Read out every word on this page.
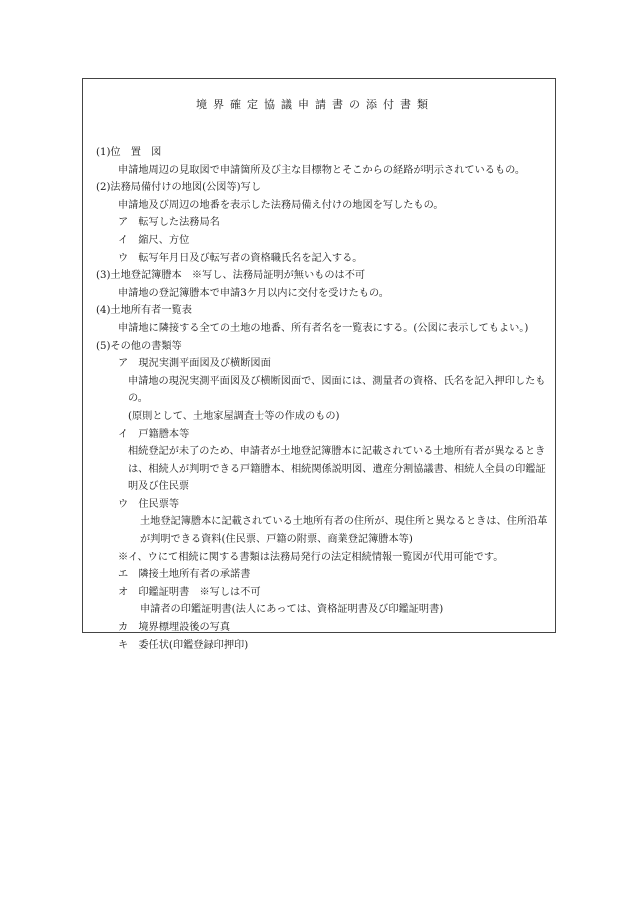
境界確定協議申請書の添付書類
(1)位　置　図
申請地周辺の見取図で申請箇所及び主な目標物とそこからの経路が明示されているもの。
(2)法務局備付けの地図(公図等)写し
申請地及び周辺の地番を表示した法務局備え付けの地図を写したもの。
ア　転写した法務局名
イ　縮尺、方位
ウ　転写年月日及び転写者の資格職氏名を記入する。
(3)土地登記簿謄本　※写し、法務局証明が無いものは不可
申請地の登記簿謄本で申請3ケ月以内に交付を受けたもの。
(4)土地所有者一覧表
申請地に隣接する全ての土地の地番、所有者名を一覧表にする。(公図に表示してもよい。)
(5)その他の書類等
ア　現況実測平面図及び横断図面
申請地の現況実測平面図及び横断図面で、図面には、測量者の資格、氏名を記入押印したもの。
(原則として、土地家屋調査士等の作成のもの)
イ　戸籍謄本等
相続登記が未了のため、申請者が土地登記簿謄本に記載されている土地所有者が異なるときは、相続人が判明できる戸籍謄本、相続関係説明図、遺産分割協議書、相続人全員の印鑑証明及び住民票
ウ　住民票等
土地登記簿謄本に記載されている土地所有者の住所が、現住所と異なるときは、住所沿革が判明できる資料(住民票、戸籍の附票、商業登記簿謄本等)
※イ、ウにて相続に関する書類は法務局発行の法定相続情報一覧図が代用可能です。
エ　隣接土地所有者の承諾書
オ　印鑑証明書　※写しは不可
申請者の印鑑証明書(法人にあっては、資格証明書及び印鑑証明書)
カ　境界標埋設後の写真
キ　委任状(印鑑登録印押印)
